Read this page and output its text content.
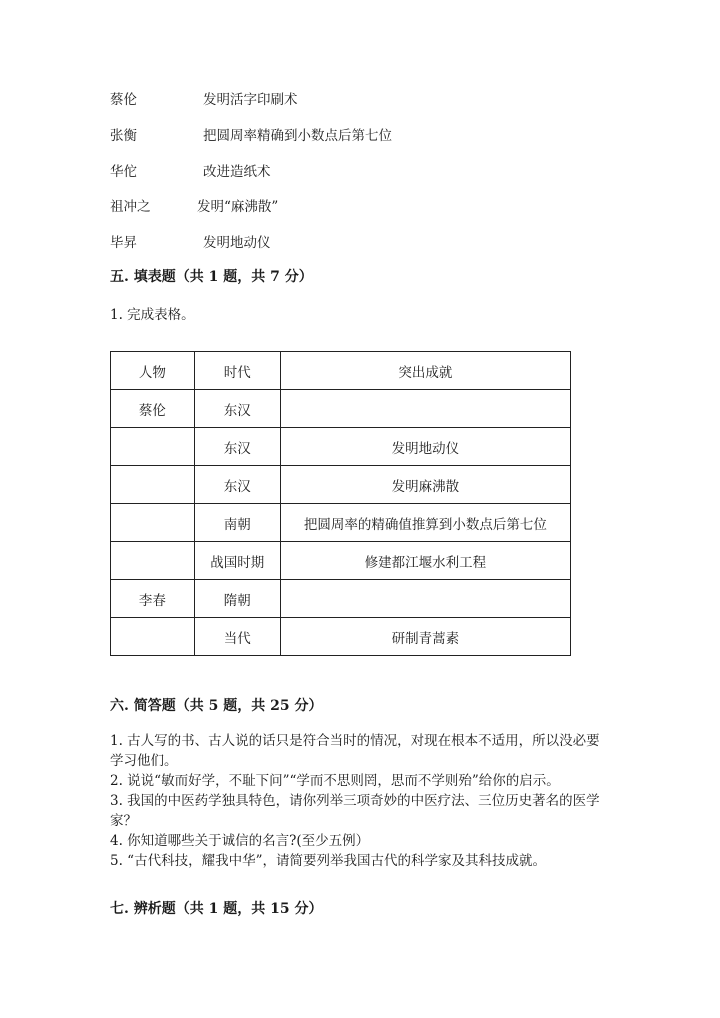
蔡伦	发明活字印刷术
张衡	把圆周率精确到小数点后第七位
华佗	改进造纸术
祖冲之	发明“麻沸散”
毕昇	发明地动仪
五. 填表题（共 1 题，共 7 分）
1. 完成表格。
人物	时代	突出成就
蔡伦	东汉	
	东汉	发明地动仪
	东汉	发明麻沸散
	南朝	把圆周率的精确值推算到小数点后第七位
	战国时期	修建都江堰水利工程
李春	隋朝	
	当代	研制青蒿素
六. 简答题（共 5 题，共 25 分）
1. 古人写的书、古人说的话只是符合当时的情况，对现在根本不适用，所以没必要学习他们。
2. 说说“敏而好学，不耻下问”“学而不思则罔，思而不学则殆”给你的启示。
3. 我国的中医药学独具特色，请你列举三项奇妙的中医疗法、三位历史著名的医学家？
4. 你知道哪些关于诚信的名言?(至少五例）
5. “古代科技，耀我中华”，请简要列举我国古代的科学家及其科技成就。
七. 辨析题（共 1 题，共 15 分）
